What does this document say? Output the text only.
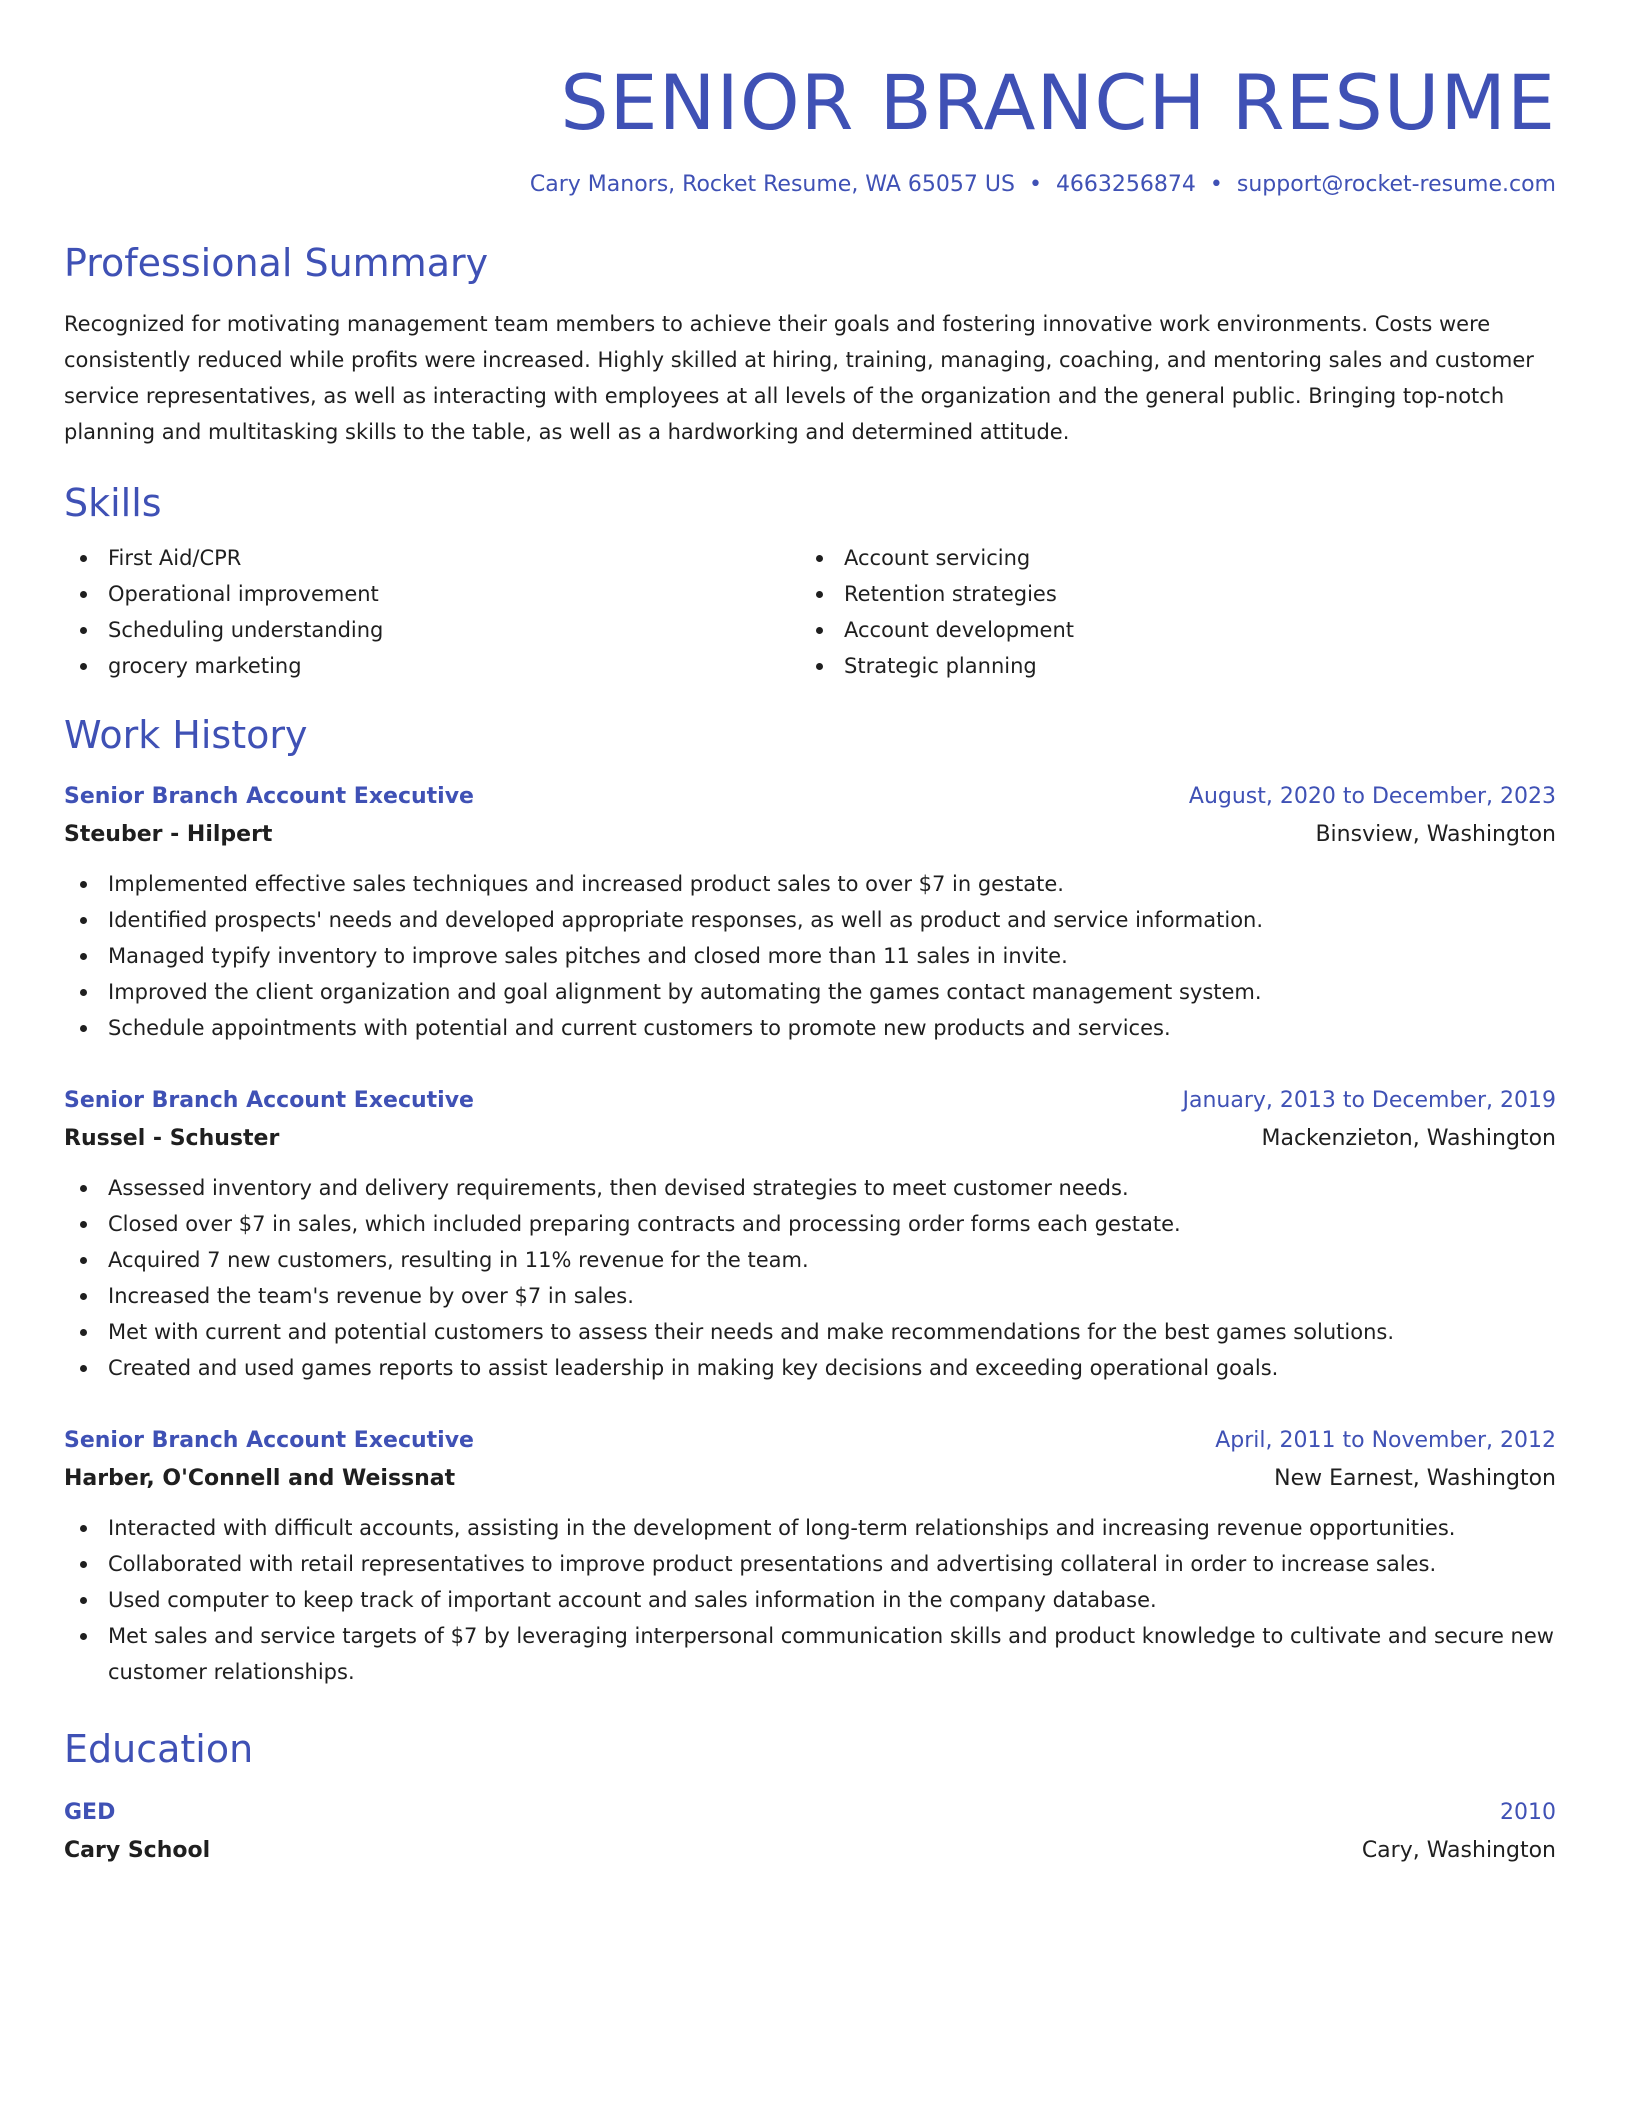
SENIOR BRANCH RESUME
Cary Manors, Rocket Resume, WA 65057 US • 4663256874 • support@rocket-resume.com
Professional Summary
Recognized for motivating management team members to achieve their goals and fostering innovative work environments. Costs were consistently reduced while profits were increased. Highly skilled at hiring, training, managing, coaching, and mentoring sales and customer service representatives, as well as interacting with employees at all levels of the organization and the general public. Bringing top-notch planning and multitasking skills to the table, as well as a hardworking and determined attitude.
Skills
First Aid/CPR
Operational improvement
Scheduling understanding
grocery marketing
Account servicing
Retention strategies
Account development
Strategic planning
Work History
Senior Branch Account Executive	August, 2020 to December, 2023
Steuber - Hilpert	Binsview, Washington
Implemented effective sales techniques and increased product sales to over $7 in gestate.
Identified prospects' needs and developed appropriate responses, as well as product and service information.
Managed typify inventory to improve sales pitches and closed more than 11 sales in invite.
Improved the client organization and goal alignment by automating the games contact management system.
Schedule appointments with potential and current customers to promote new products and services.
Senior Branch Account Executive	January, 2013 to December, 2019
Russel - Schuster	Mackenzieton, Washington
Assessed inventory and delivery requirements, then devised strategies to meet customer needs.
Closed over $7 in sales, which included preparing contracts and processing order forms each gestate.
Acquired 7 new customers, resulting in 11% revenue for the team.
Increased the team's revenue by over $7 in sales.
Met with current and potential customers to assess their needs and make recommendations for the best games solutions.
Created and used games reports to assist leadership in making key decisions and exceeding operational goals.
Senior Branch Account Executive	April, 2011 to November, 2012
Harber, O'Connell and Weissnat	New Earnest, Washington
Interacted with difficult accounts, assisting in the development of long-term relationships and increasing revenue opportunities.
Collaborated with retail representatives to improve product presentations and advertising collateral in order to increase sales.
Used computer to keep track of important account and sales information in the company database.
Met sales and service targets of $7 by leveraging interpersonal communication skills and product knowledge to cultivate and secure new customer relationships.
Education
GED	2010
Cary School	Cary, Washington
